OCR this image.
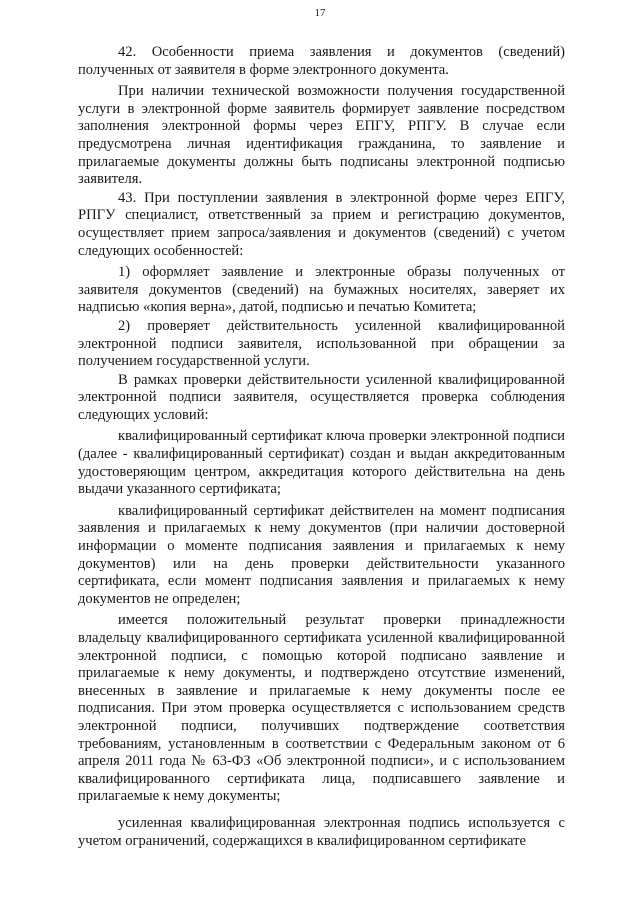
17

42. Особенности приема заявления и документов (сведений) полученных от заявителя в форме электронного документа.

При наличии технической возможности получения государственной услуги в электронной форме заявитель формирует заявление посредством заполнения электронной формы через ЕПГУ, РПГУ. В случае если предусмотрена личная идентификация гражданина, то заявление и прилагаемые документы должны быть подписаны электронной подписью заявителя.

43. При поступлении заявления в электронной форме через ЕПГУ, РПГУ специалист, ответственный за прием и регистрацию документов, осуществляет прием запроса/заявления и документов (сведений) с учетом следующих особенностей:

1) оформляет заявление и электронные образы полученных от заявителя документов (сведений) на бумажных носителях, заверяет их надписью «копия верна», датой, подписью и печатью Комитета;

2) проверяет действительность усиленной квалифицированной электронной подписи заявителя, использованной при обращении за получением государственной услуги.

В рамках проверки действительности усиленной квалифицированной электронной подписи заявителя, осуществляется проверка соблюдения следующих условий:

квалифицированный сертификат ключа проверки электронной подписи (далее - квалифицированный сертификат) создан и выдан аккредитованным удостоверяющим центром, аккредитация которого действительна на день выдачи указанного сертификата;

квалифицированный сертификат действителен на момент подписания заявления и прилагаемых к нему документов (при наличии достоверной информации о моменте подписания заявления и прилагаемых к нему документов) или на день проверки действительности указанного сертификата, если момент подписания заявления и прилагаемых к нему документов не определен;

имеется положительный результат проверки принадлежности владельцу квалифицированного сертификата усиленной квалифицированной электронной подписи, с помощью которой подписано заявление и прилагаемые к нему документы, и подтверждено отсутствие изменений, внесенных в заявление и прилагаемые к нему документы после ее подписания. При этом проверка осуществляется с использованием средств электронной подписи, получивших подтверждение соответствия требованиям, установленным в соответствии с Федеральным законом от 6 апреля 2011 года № 63-ФЗ «Об электронной подписи», и с использованием квалифицированного сертификата лица, подписавшего заявление и прилагаемые к нему документы;

усиленная квалифицированная электронная подпись используется с учетом ограничений, содержащихся в квалифицированном сертификате
